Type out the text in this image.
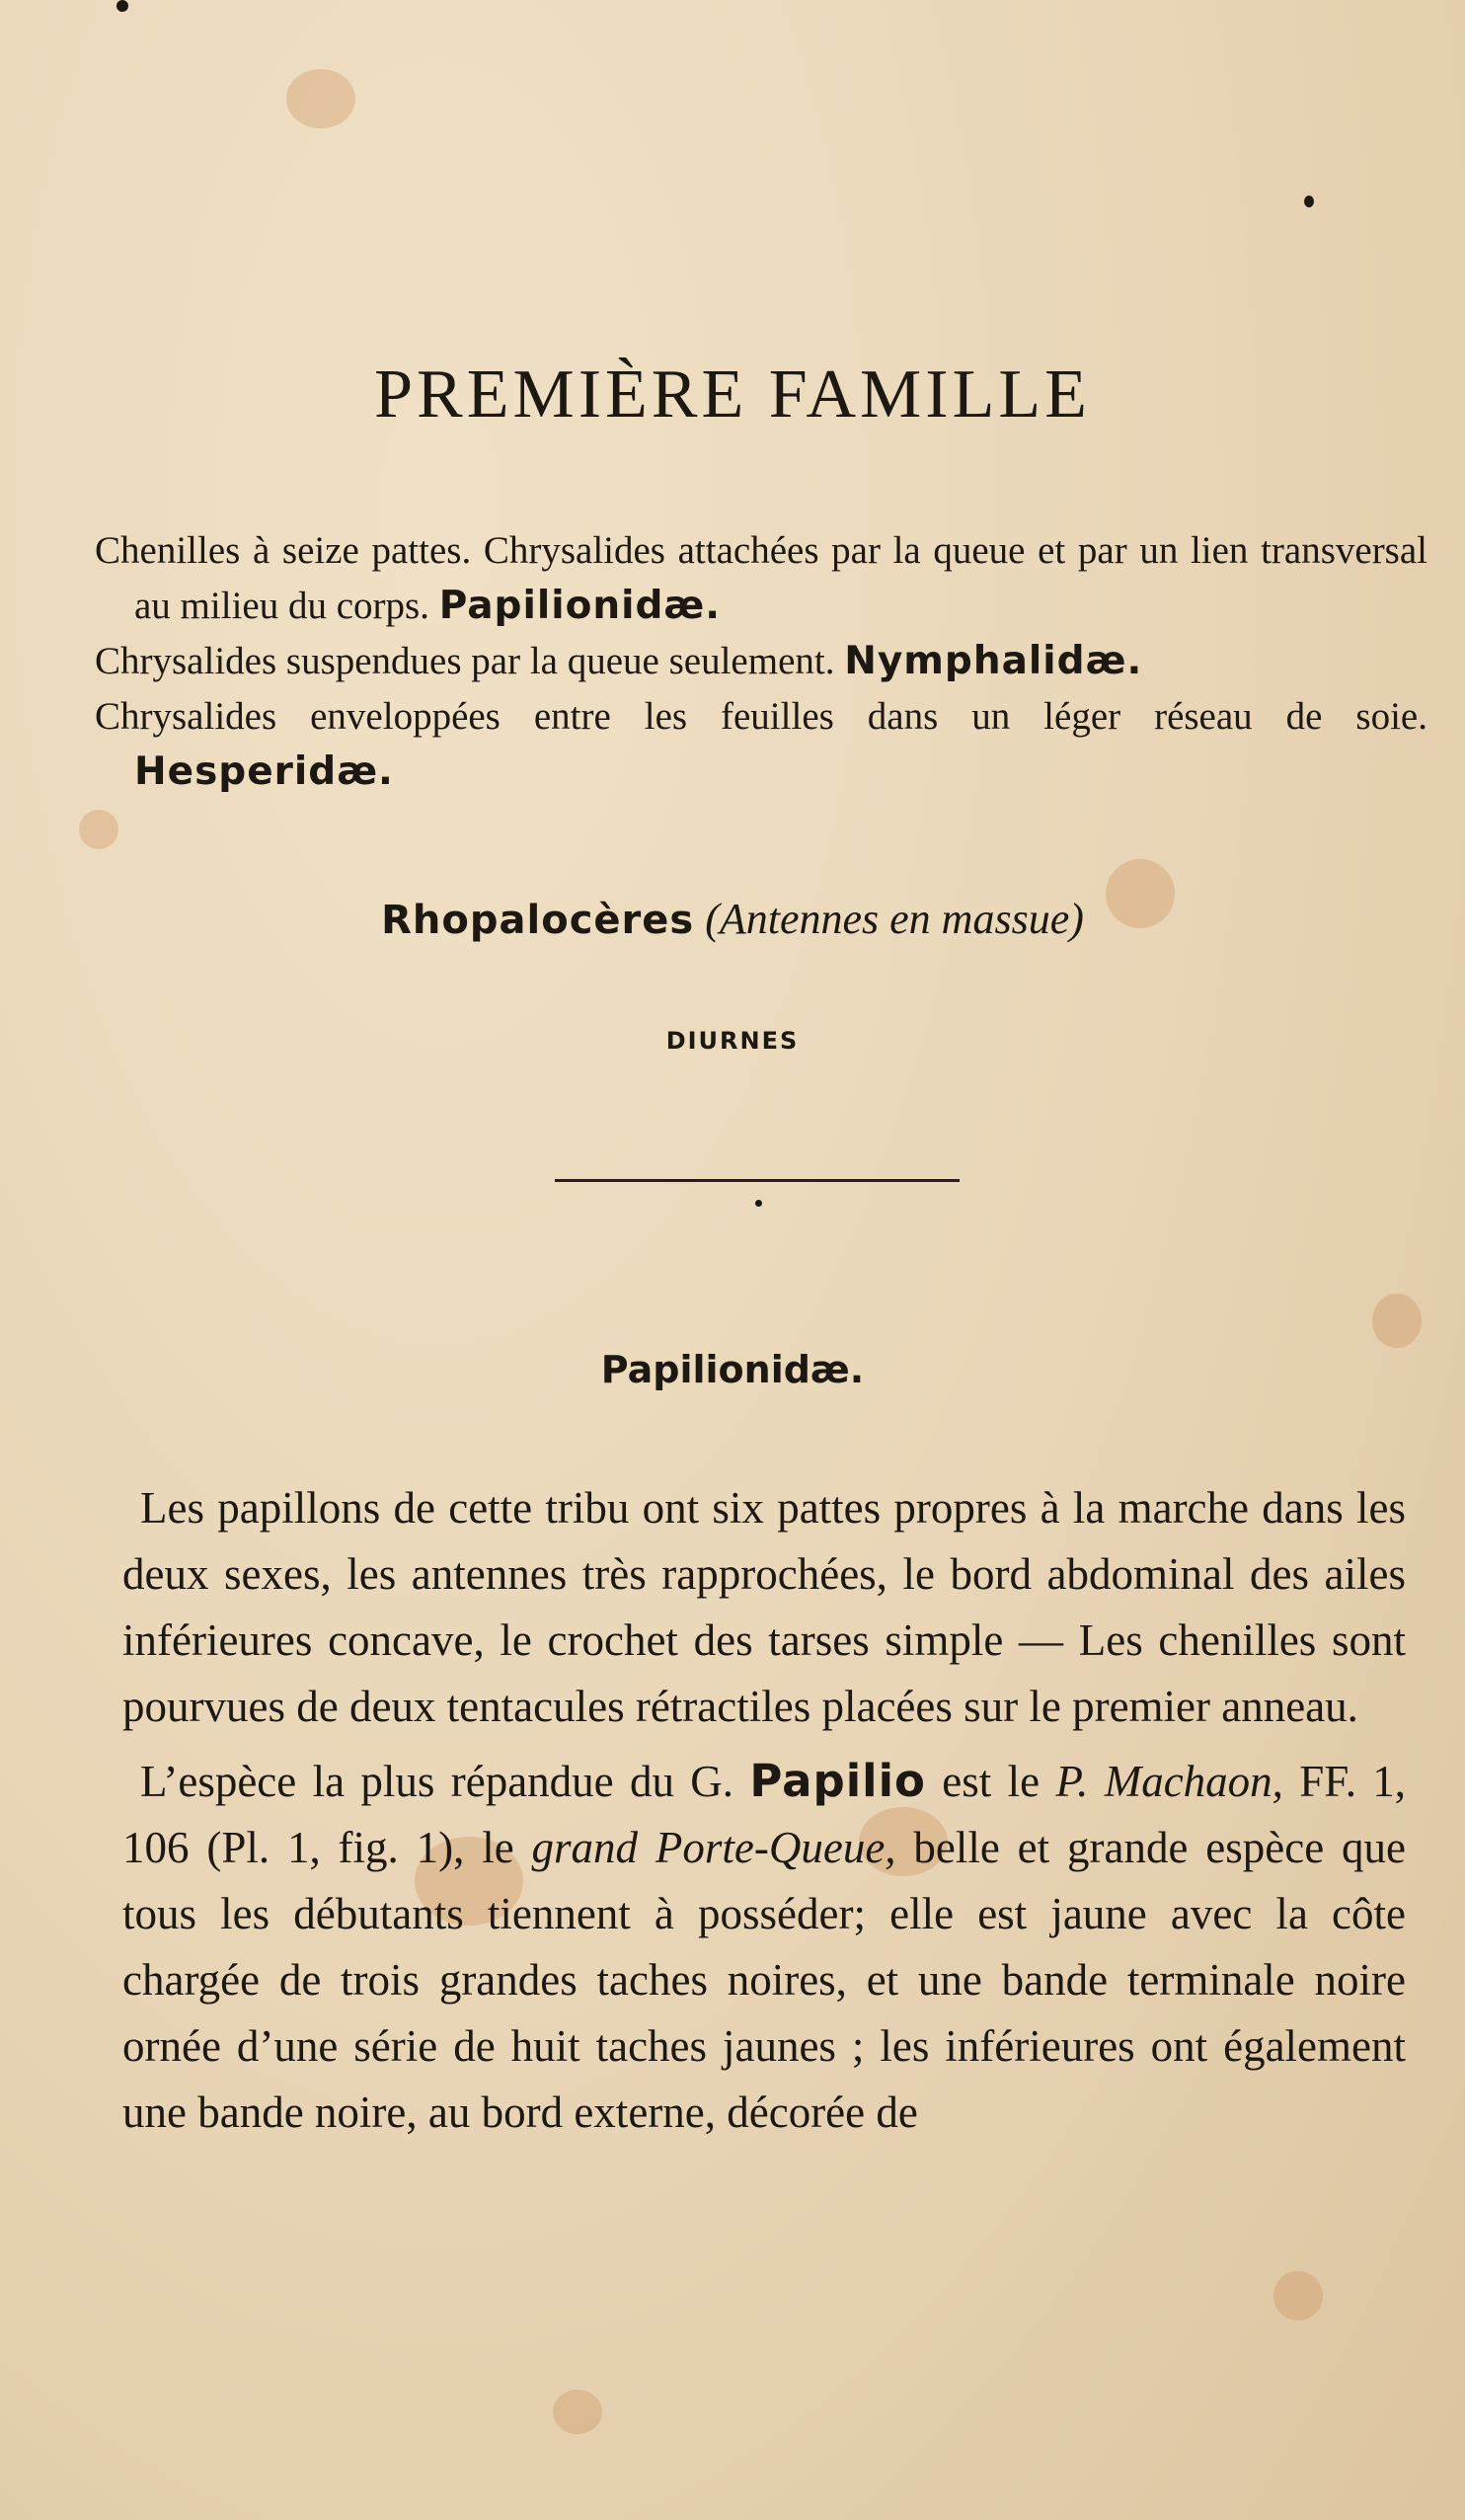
PREMIÈRE FAMILLE

Chenilles à seize pattes. Chrysalides attachées par la queue et par un lien transversal au milieu du corps. Papilionidæ.

Chrysalides suspendues par la queue seulement. Nymphalidæ.

Chrysalides enveloppées entre les feuilles dans un léger réseau de soie. Hesperidæ.

Rhopalocères (Antennes en massue)
DIURNES
Papilionidæ.

Les papillons de cette tribu ont six pattes propres à la marche dans les deux sexes, les antennes très rapprochées, le bord abdominal des ailes inférieures concave, le crochet des tarses simple — Les chenilles sont pourvues de deux tentacules rétractiles placées sur le premier anneau.

L’espèce la plus répandue du G. Papilio est le P. Machaon, FF. 1, 106 (Pl. 1, fig. 1), le grand Porte-Queue, belle et grande espèce que tous les débutants tiennent à posséder; elle est jaune avec la côte chargée de trois grandes taches noires, et une bande terminale noire ornée d’une série de huit taches jaunes ; les inférieures ont également une bande noire, au bord externe, décorée de
